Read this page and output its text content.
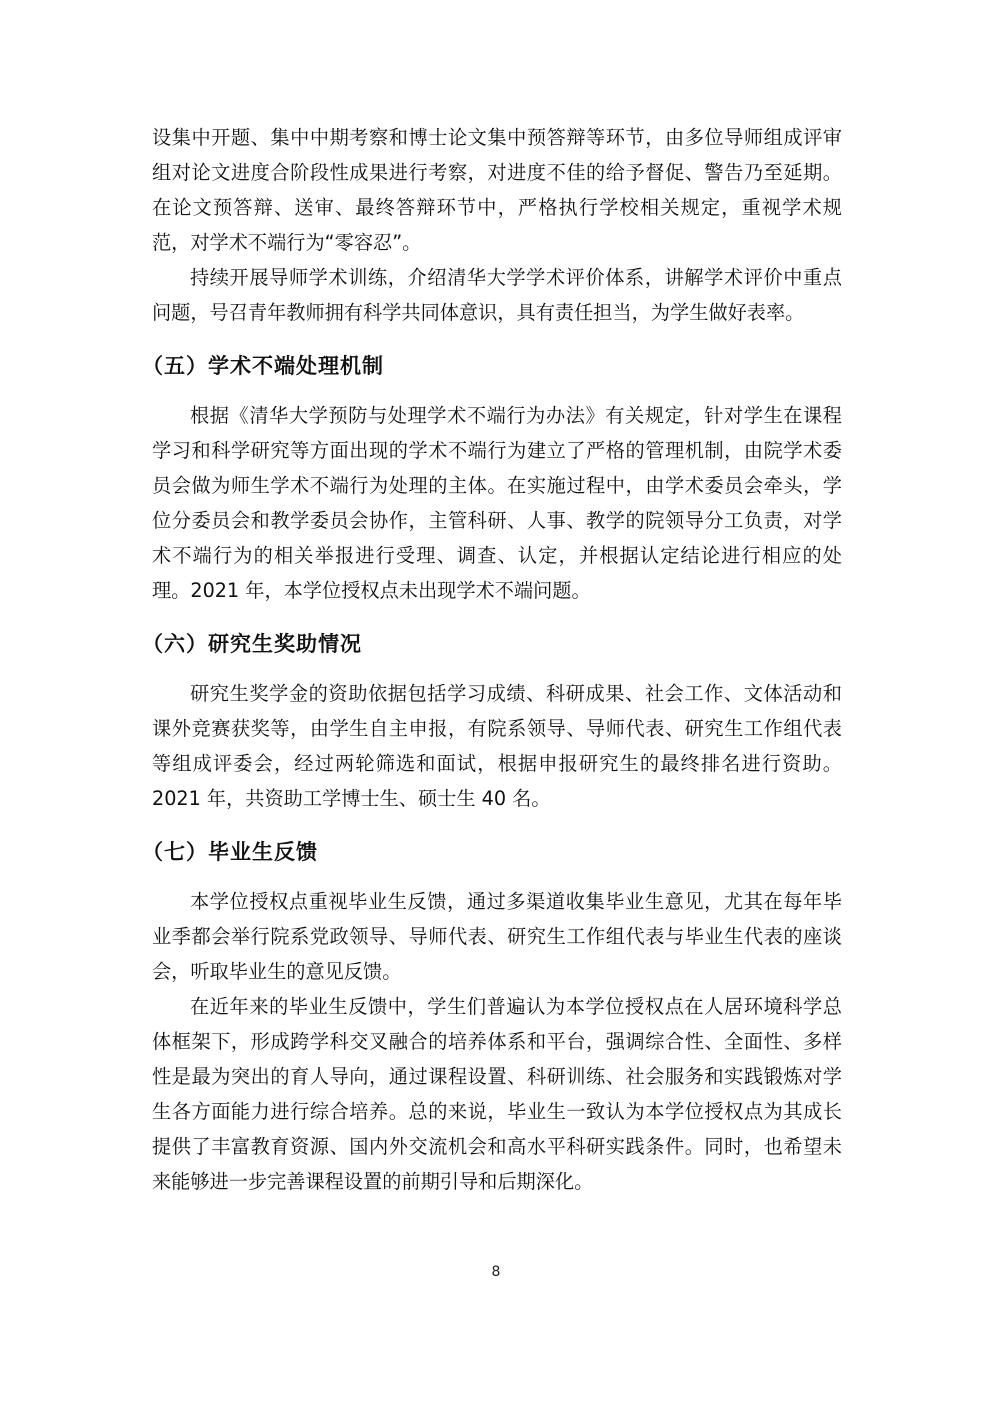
设集中开题、集中中期考察和博士论文集中预答辩等环节，由多位导师组成评审组对论文进度合阶段性成果进行考察，对进度不佳的给予督促、警告乃至延期。在论文预答辩、送审、最终答辩环节中，严格执行学校相关规定，重视学术规范，对学术不端行为“零容忍”。

持续开展导师学术训练，介绍清华大学学术评价体系，讲解学术评价中重点问题，号召青年教师拥有科学共同体意识，具有责任担当，为学生做好表率。

（五）学术不端处理机制

根据《清华大学预防与处理学术不端行为办法》有关规定，针对学生在课程学习和科学研究等方面出现的学术不端行为建立了严格的管理机制，由院学术委员会做为师生学术不端行为处理的主体。在实施过程中，由学术委员会牵头，学位分委员会和教学委员会协作，主管科研、人事、教学的院领导分工负责，对学术不端行为的相关举报进行受理、调查、认定，并根据认定结论进行相应的处理。2021 年，本学位授权点未出现学术不端问题。

（六）研究生奖助情况

研究生奖学金的资助依据包括学习成绩、科研成果、社会工作、文体活动和课外竞赛获奖等，由学生自主申报，有院系领导、导师代表、研究生工作组代表等组成评委会，经过两轮筛选和面试，根据申报研究生的最终排名进行资助。2021 年，共资助工学博士生、硕士生 40 名。

（七）毕业生反馈

本学位授权点重视毕业生反馈，通过多渠道收集毕业生意见，尤其在每年毕业季都会举行院系党政领导、导师代表、研究生工作组代表与毕业生代表的座谈会，听取毕业生的意见反馈。

在近年来的毕业生反馈中，学生们普遍认为本学位授权点在人居环境科学总体框架下，形成跨学科交叉融合的培养体系和平台，强调综合性、全面性、多样性是最为突出的育人导向，通过课程设置、科研训练、社会服务和实践锻炼对学生各方面能力进行综合培养。总的来说，毕业生一致认为本学位授权点为其成长提供了丰富教育资源、国内外交流机会和高水平科研实践条件。同时，也希望未来能够进一步完善课程设置的前期引导和后期深化。

8
